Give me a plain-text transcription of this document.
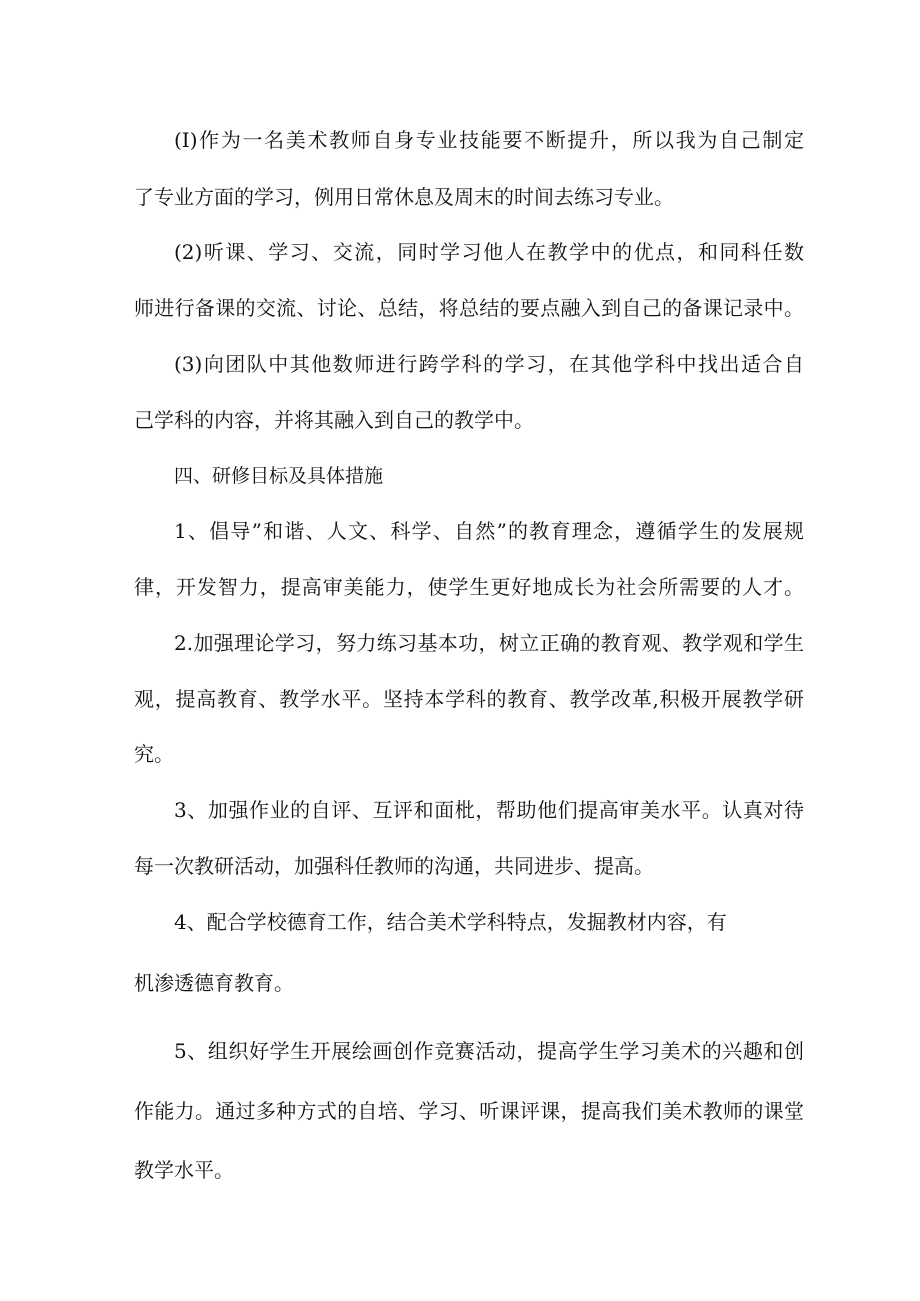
(I)作为一名美术教师自身专业技能要不断提升，所以我为自己制定

了专业方面的学习，例用日常休息及周末的时间去练习专业。

(2)听课、学习、交流，同时学习他人在教学中的优点，和同科任数

师进行备课的交流、讨论、总结，将总结的要点融入到自己的备课记录中。

(3)向团队中其他数师进行跨学科的学习，在其他学科中找出适合自

己学科的内容，并将其融入到自己的教学中。

四、研修目标及具体措施

1、倡导”和谐、人文、科学、自然”的教育理念，遵循学生的发展规

律，开发智力，提高审美能力，使学生更好地成长为社会所需要的人才。

2.加强理论学习，努力练习基本功，树立正确的教育观、教学观和学生

观，提高教育、教学水平。坚持本学科的教育、教学改革,积极开展教学研

究。

3、加强作业的自评、互评和面枇，帮助他们提高审美水平。认真对待

每一次教研活动，加强科任教师的沟通，共同进步、提高。

4、配合学校德育工作，结合美术学科特点，发掘教材内容，有

机渗透德育教育。

5、组织好学生开展绘画创作竞赛活动，提高学生学习美术的兴趣和创

作能力。通过多种方式的自培、学习、听课评课，提高我们美术教师的课堂

教学水平。
